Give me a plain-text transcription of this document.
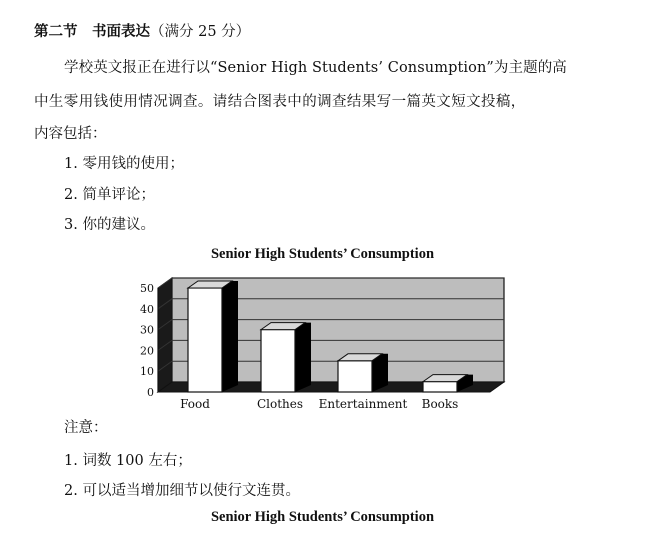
第二节　书面表达（满分 25 分）
学校英文报正在进行以“Senior High Students’ Consumption”为主题的高
中生零用钱使用情况调查。请结合图表中的调查结果写一篇英文短文投稿，
内容包括：
1. 零用钱的使用；
2. 简单评论；
3. 你的建议。
Senior High Students’ Consumption
0
10
20
30
40
50
Food	Clothes Entertainment Books
注意：
1. 词数 100 左右；
2. 可以适当增加细节以使行文连贯。
Senior High Students’ Consumption
